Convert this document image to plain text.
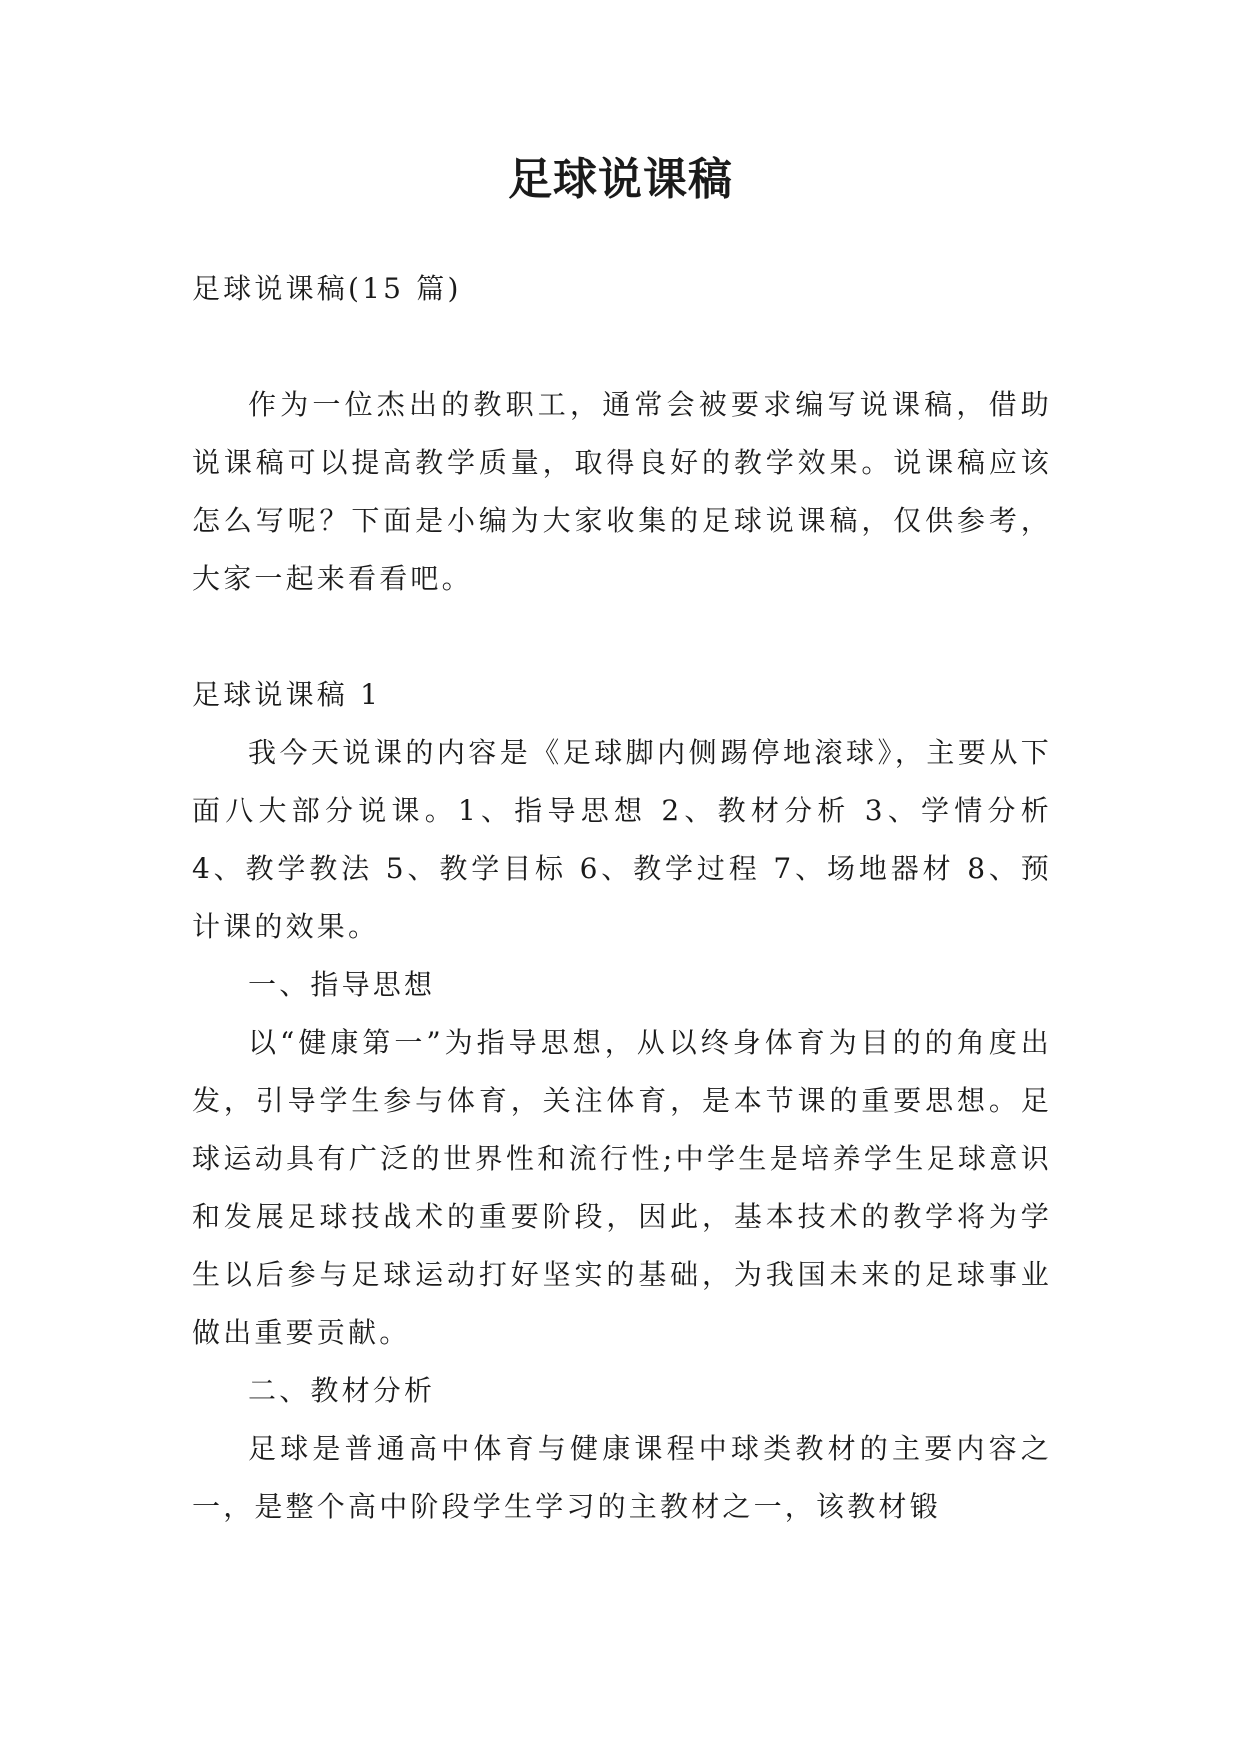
足球说课稿

足球说课稿(15 篇)

作为一位杰出的教职工，通常会被要求编写说课稿，借助说课稿可以提高教学质量，取得良好的教学效果。说课稿应该怎么写呢？下面是小编为大家收集的足球说课稿，仅供参考，大家一起来看看吧。

足球说课稿 1

我今天说课的内容是《足球脚内侧踢停地滚球》，主要从下面八大部分说课。1、指导思想 2、教材分析 3、学情分析 4、教学教法 5、教学目标 6、教学过程 7、场地器材 8、预计课的效果。

一、指导思想

以“健康第一”为指导思想，从以终身体育为目的的角度出发，引导学生参与体育，关注体育，是本节课的重要思想。足球运动具有广泛的世界性和流行性;中学生是培养学生足球意识和发展足球技战术的重要阶段，因此，基本技术的教学将为学生以后参与足球运动打好坚实的基础，为我国未来的足球事业做出重要贡献。

二、教材分析

足球是普通高中体育与健康课程中球类教材的主要内容之一，是整个高中阶段学生学习的主教材之一，该教材锻
